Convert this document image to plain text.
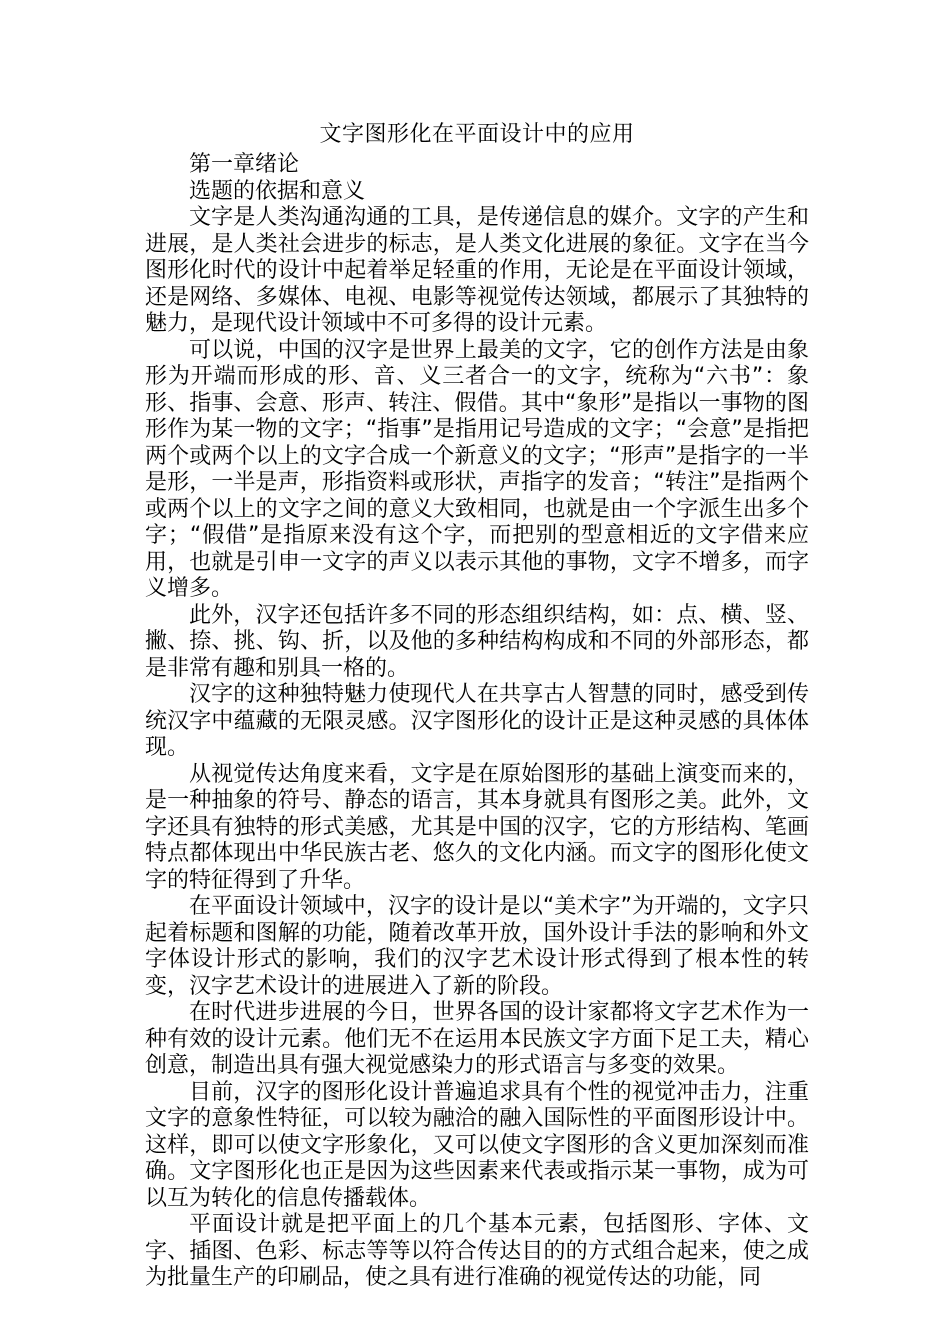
文字图形化在平面设计中的应用

第一章绪论

选题的依据和意义

文字是人类沟通沟通的工具，是传递信息的媒介。文字的产生和进展，是人类社会进步的标志，是人类文化进展的象征。文字在当今图形化时代的设计中起着举足轻重的作用，无论是在平面设计领域，还是网络、多媒体、电视、电影等视觉传达领域，都展示了其独特的魅力，是现代设计领域中不可多得的设计元素。

可以说，中国的汉字是世界上最美的文字，它的创作方法是由象形为开端而形成的形、音、义三者合一的文字，统称为“六书”：象形、指事、会意、形声、转注、假借。其中“象形”是指以一事物的图形作为某一物的文字；“指事”是指用记号造成的文字；“会意”是指把两个或两个以上的文字合成一个新意义的文字；“形声”是指字的一半是形，一半是声，形指资料或形状，声指字的发音；“转注”是指两个或两个以上的文字之间的意义大致相同，也就是由一个字派生出多个字；“假借”是指原来没有这个字，而把别的型意相近的文字借来应用，也就是引申一文字的声义以表示其他的事物，文字不增多，而字义增多。

此外，汉字还包括许多不同的形态组织结构，如：点、横、竖、撇、捺、挑、钩、折，以及他的多种结构构成和不同的外部形态，都是非常有趣和别具一格的。

汉字的这种独特魅力使现代人在共享古人智慧的同时，感受到传统汉字中蕴藏的无限灵感。汉字图形化的设计正是这种灵感的具体体现。

从视觉传达角度来看，文字是在原始图形的基础上演变而来的，是一种抽象的符号、静态的语言，其本身就具有图形之美。此外，文字还具有独特的形式美感，尤其是中国的汉字，它的方形结构、笔画特点都体现出中华民族古老、悠久的文化内涵。而文字的图形化使文字的特征得到了升华。

在平面设计领域中，汉字的设计是以“美术字”为开端的，文字只起着标题和图解的功能，随着改革开放，国外设计手法的影响和外文字体设计形式的影响，我们的汉字艺术设计形式得到了根本性的转变，汉字艺术设计的进展进入了新的阶段。

在时代进步进展的今日，世界各国的设计家都将文字艺术作为一种有效的设计元素。他们无不在运用本民族文字方面下足工夫，精心创意，制造出具有强大视觉感染力的形式语言与多变的效果。

目前，汉字的图形化设计普遍追求具有个性的视觉冲击力，注重文字的意象性特征，可以较为融洽的融入国际性的平面图形设计中。这样，即可以使文字形象化，又可以使文字图形的含义更加深刻而准确。文字图形化也正是因为这些因素来代表或指示某一事物，成为可以互为转化的信息传播载体。

平面设计就是把平面上的几个基本元素，包括图形、字体、文字、插图、色彩、标志等等以符合传达目的的方式组合起来，使之成为批量生产的印刷品，使之具有进行准确的视觉传达的功能，同
